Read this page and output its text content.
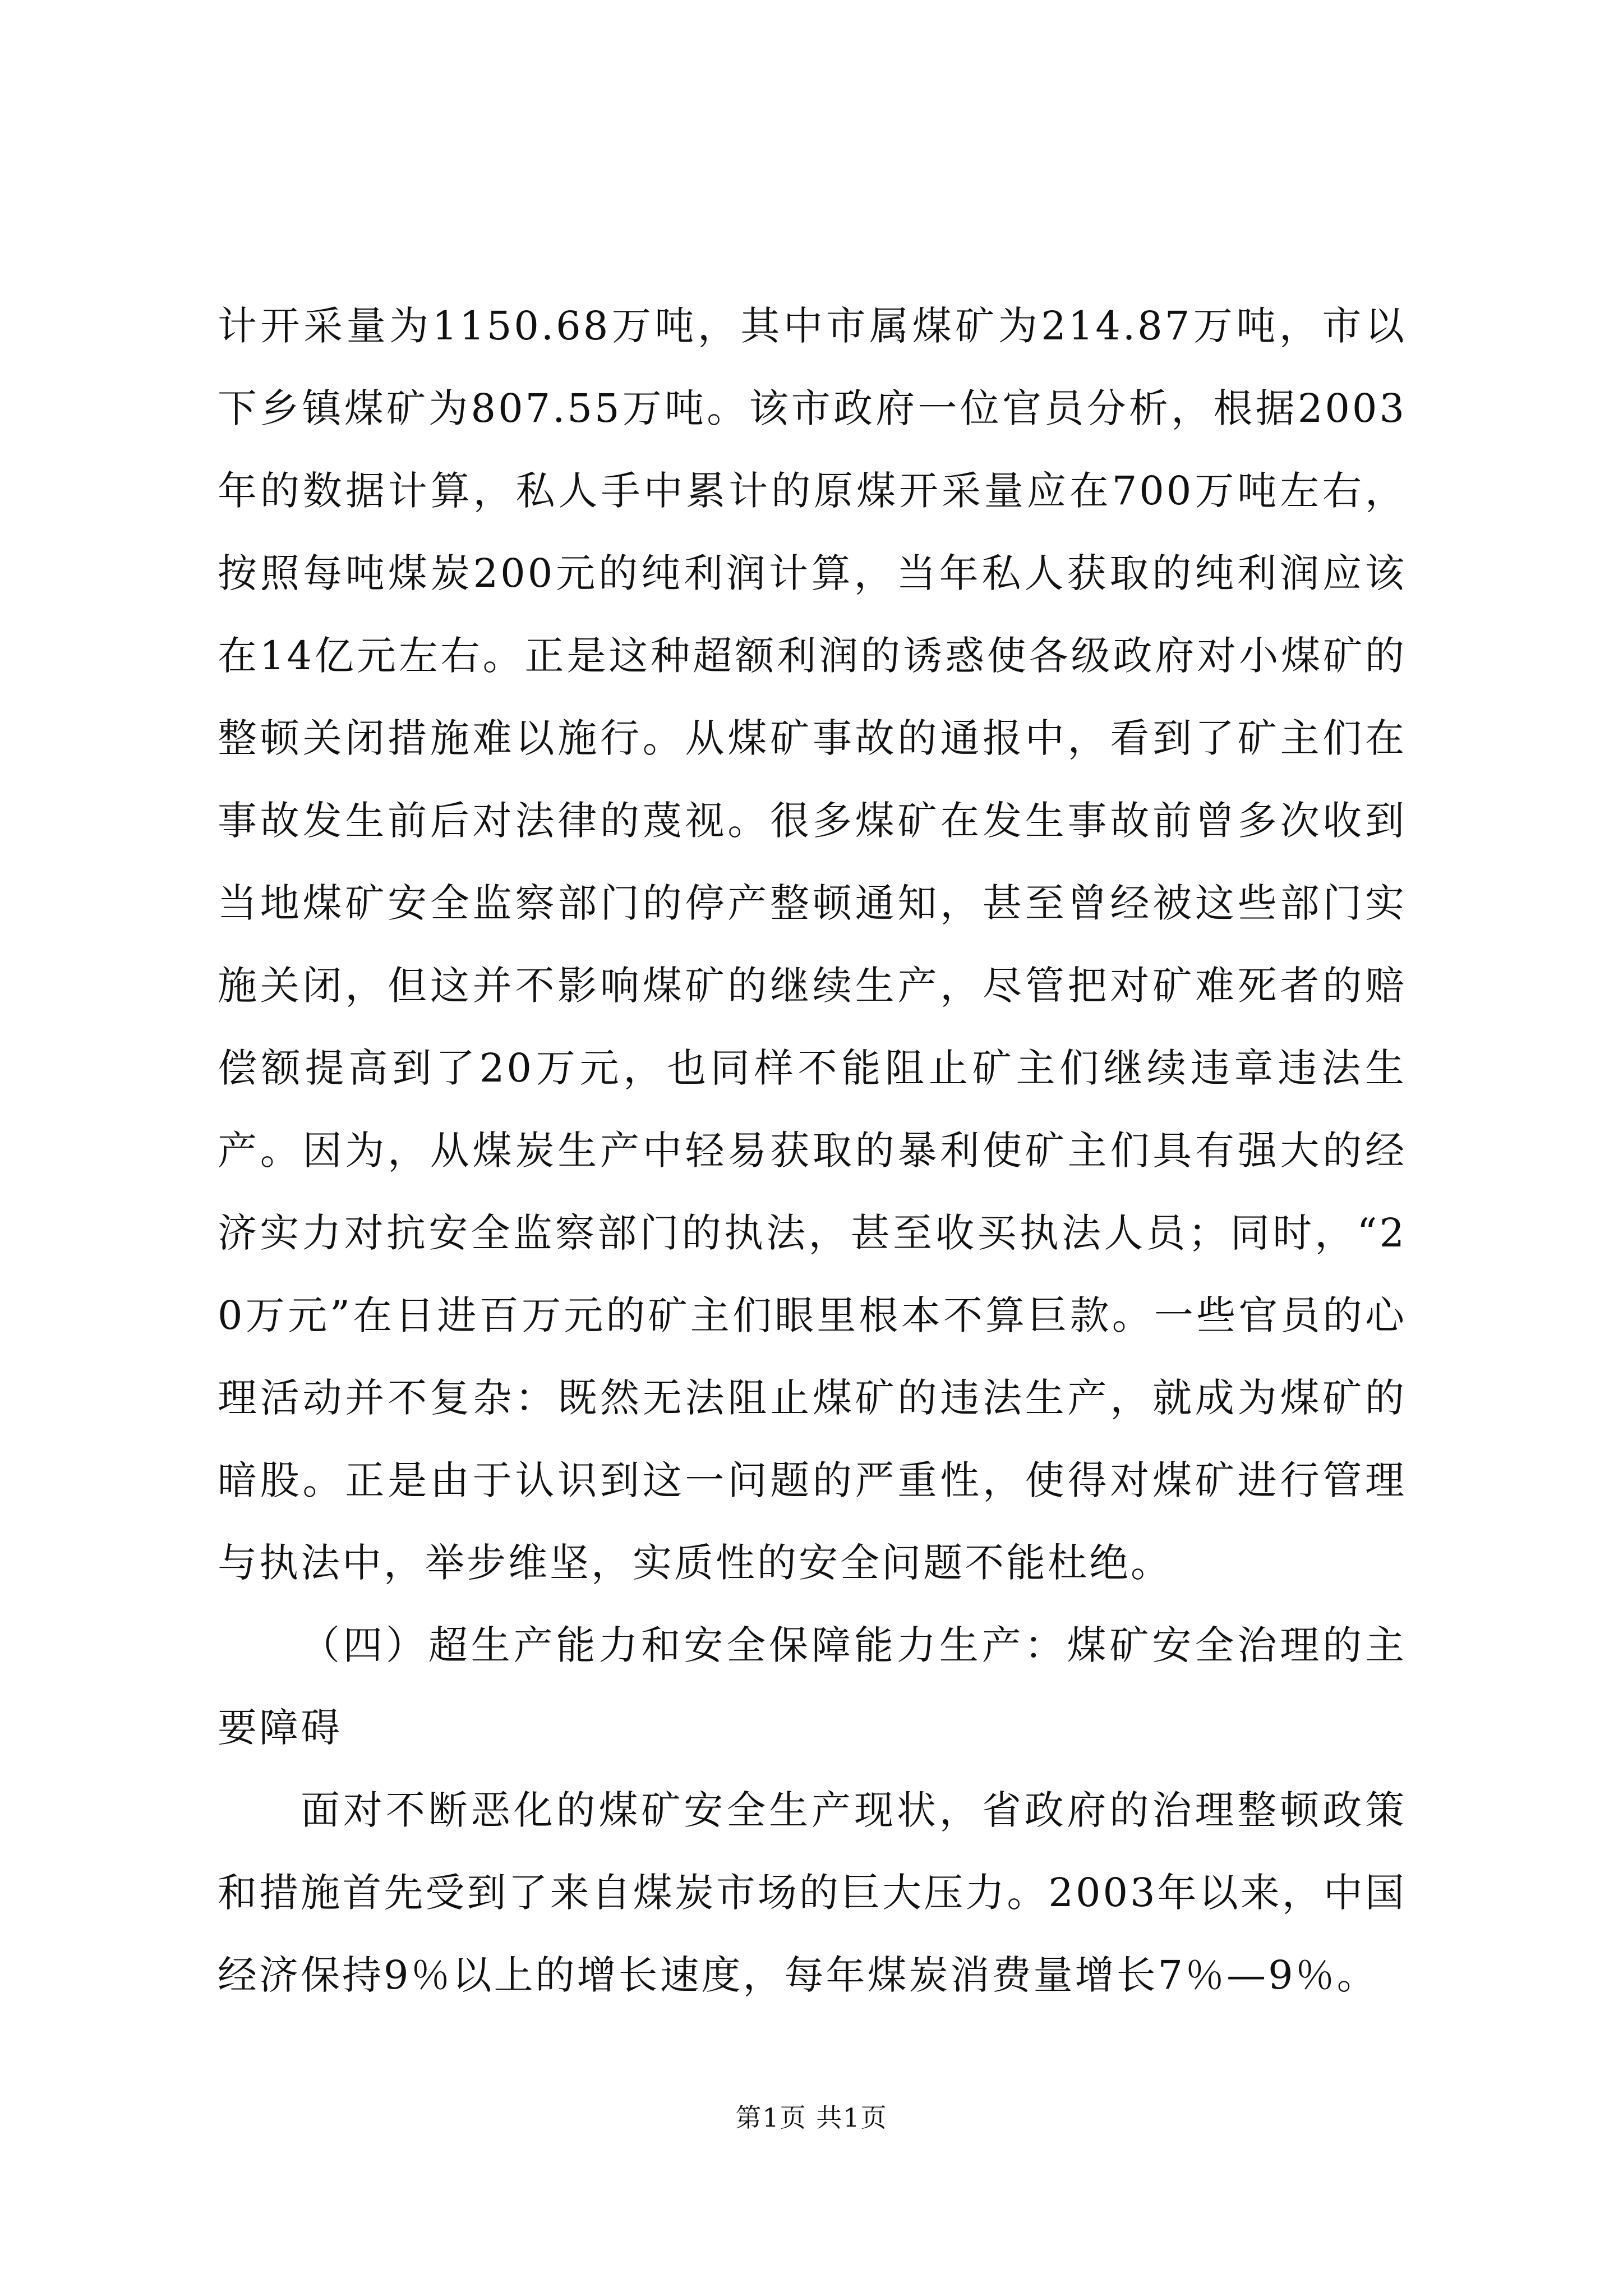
计开采量为1150.68万吨，其中市属煤矿为214.87万吨，市以下乡镇煤矿为807.55万吨。该市政府一位官员分析，根据2003年的数据计算，私人手中累计的原煤开采量应在700万吨左右，按照每吨煤炭200元的纯利润计算，当年私人获取的纯利润应该在14亿元左右。正是这种超额利润的诱惑使各级政府对小煤矿的整顿关闭措施难以施行。从煤矿事故的通报中，看到了矿主们在事故发生前后对法律的蔑视。很多煤矿在发生事故前曾多次收到当地煤矿安全监察部门的停产整顿通知，甚至曾经被这些部门实施关闭，但这并不影响煤矿的继续生产，尽管把对矿难死者的赔偿额提高到了20万元，也同样不能阻止矿主们继续违章违法生产。因为，从煤炭生产中轻易获取的暴利使矿主们具有强大的经济实力对抗安全监察部门的执法，甚至收买执法人员；同时，“20万元”在日进百万元的矿主们眼里根本不算巨款。一些官员的心理活动并不复杂：既然无法阻止煤矿的违法生产，就成为煤矿的暗股。正是由于认识到这一问题的严重性，使得对煤矿进行管理与执法中，举步维坚，实质性的安全问题不能杜绝。

（四）超生产能力和安全保障能力生产：煤矿安全治理的主要障碍

面对不断恶化的煤矿安全生产现状，省政府的治理整顿政策和措施首先受到了来自煤炭市场的巨大压力。2003年以来，中国经济保持9％以上的增长速度，每年煤炭消费量增长7％—9％。

第1页 共1页
